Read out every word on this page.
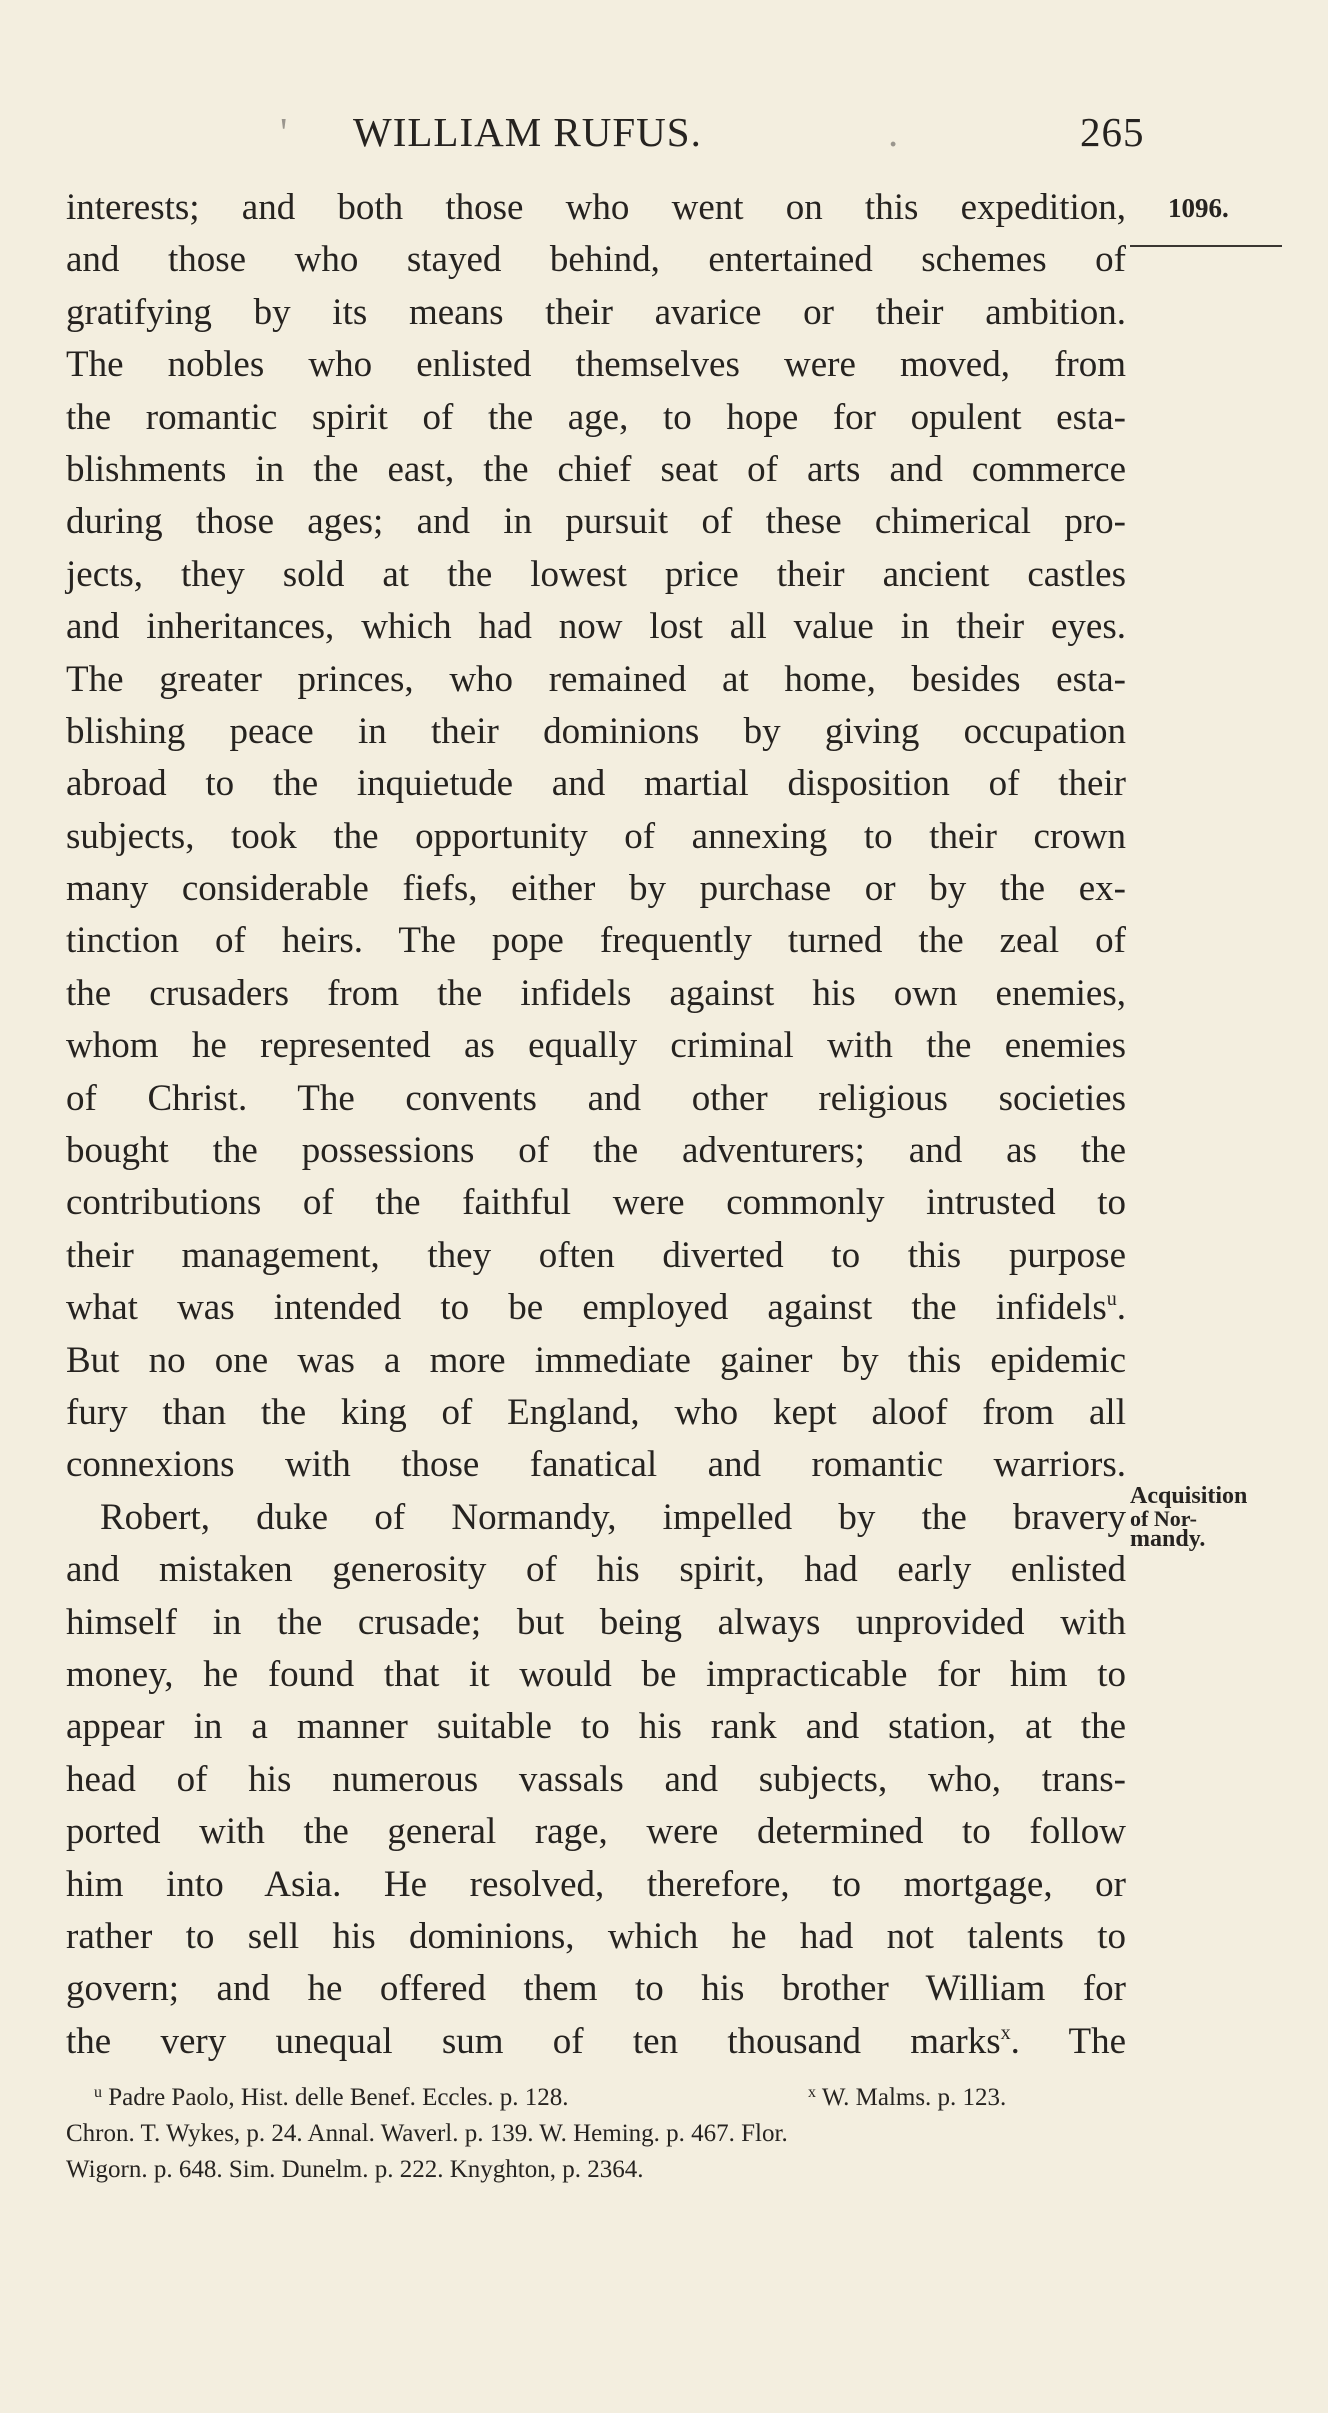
' WILLIAM RUFUS.	.	265
1096.
Acquisition
of Nor-
mandy.
interests; and both those who went on this expedition,
and those who stayed behind, entertained schemes of
gratifying by its means their avarice or their ambition.
The nobles who enlisted themselves were moved, from
the romantic spirit of the age, to hope for opulent esta-
blishments in the east, the chief seat of arts and commerce
during those ages; and in pursuit of these chimerical pro-
jects, they sold at the lowest price their ancient castles
and inheritances, which had now lost all value in their eyes.
The greater princes, who remained at home, besides esta-
blishing peace in their dominions by giving occupation
abroad to the inquietude and martial disposition of their
subjects, took the opportunity of annexing to their crown
many considerable fiefs, either by purchase or by the ex-
tinction of heirs. The pope frequently turned the zeal of
the crusaders from the infidels against his own enemies,
whom he represented as equally criminal with the enemies
of Christ. The convents and other religious societies
bought the possessions of the adventurers; and as the
contributions of the faithful were commonly intrusted to
their management, they often diverted to this purpose
what was intended to be employed against the infidels$^u$.
But no one was a more immediate gainer by this epidemic
fury than the king of England, who kept aloof from all
connexions with those fanatical and romantic warriors.
Robert, duke of Normandy, impelled by the bravery
and mistaken generosity of his spirit, had early enlisted
himself in the crusade; but being always unprovided with
money, he found that it would be impracticable for him to
appear in a manner suitable to his rank and station, at the
head of his numerous vassals and subjects, who, trans-
ported with the general rage, were determined to follow
him into Asia. He resolved, therefore, to mortgage, or
rather to sell his dominions, which he had not talents to
govern; and he offered them to his brother William for
the very unequal sum of ten thousand marks$^x$. The
$^u$ Padre Paolo, Hist. delle Benef. Eccles. p. 128.	$^x$ W. Malms. p. 123.
Chron. T. Wykes, p. 24. Annal. Waverl. p. 139. W. Heming. p. 467. Flor.
Wigorn. p. 648. Sim. Dunelm. p. 222. Knyghton, p. 2364.
